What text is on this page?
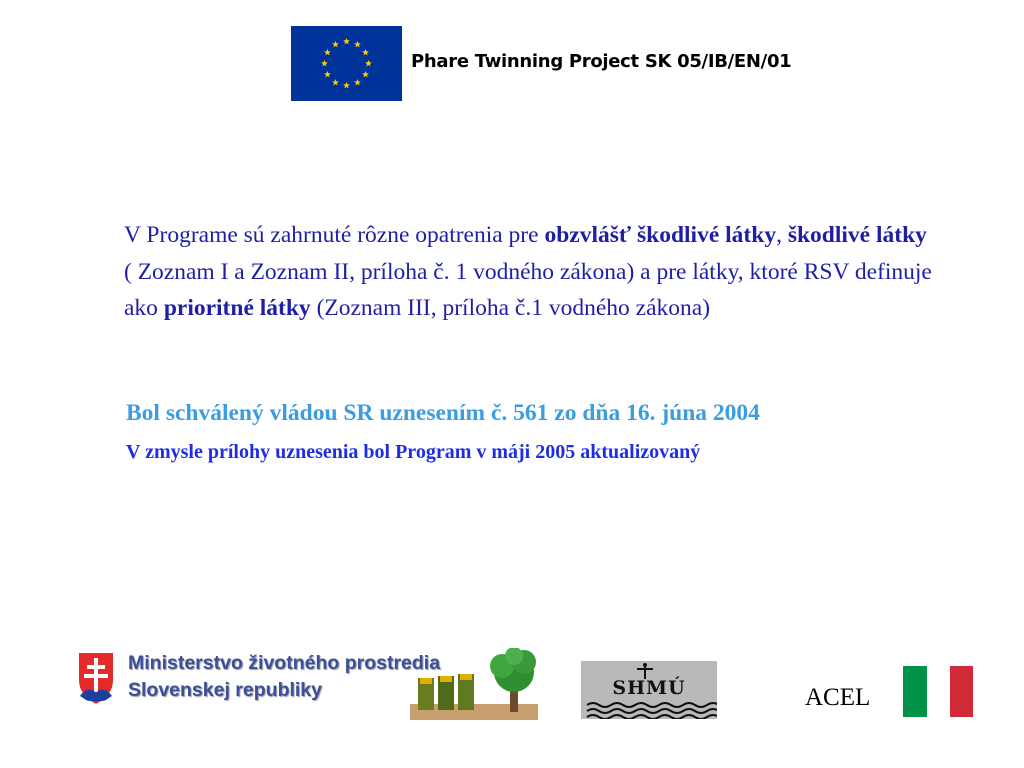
Phare Twinning Project SK 05/IB/EN/01
V Programe sú zahrnuté rôzne opatrenia pre obzvlášť škodlivé látky, škodlivé látky ( Zoznam I a Zoznam II, príloha č. 1 vodného zákona) a pre látky, ktoré RSV definuje ako prioritné látky (Zoznam III, príloha č.1 vodného zákona)
Bol schválený vládou SR uznesením č. 561 zo dňa 16. júna 2004
V zmysle prílohy uznesenia bol Program v máji 2005 aktualizovaný
Ministerstvo životného prostredia
Slovenskej republiky	SHMÚ	ACEL
